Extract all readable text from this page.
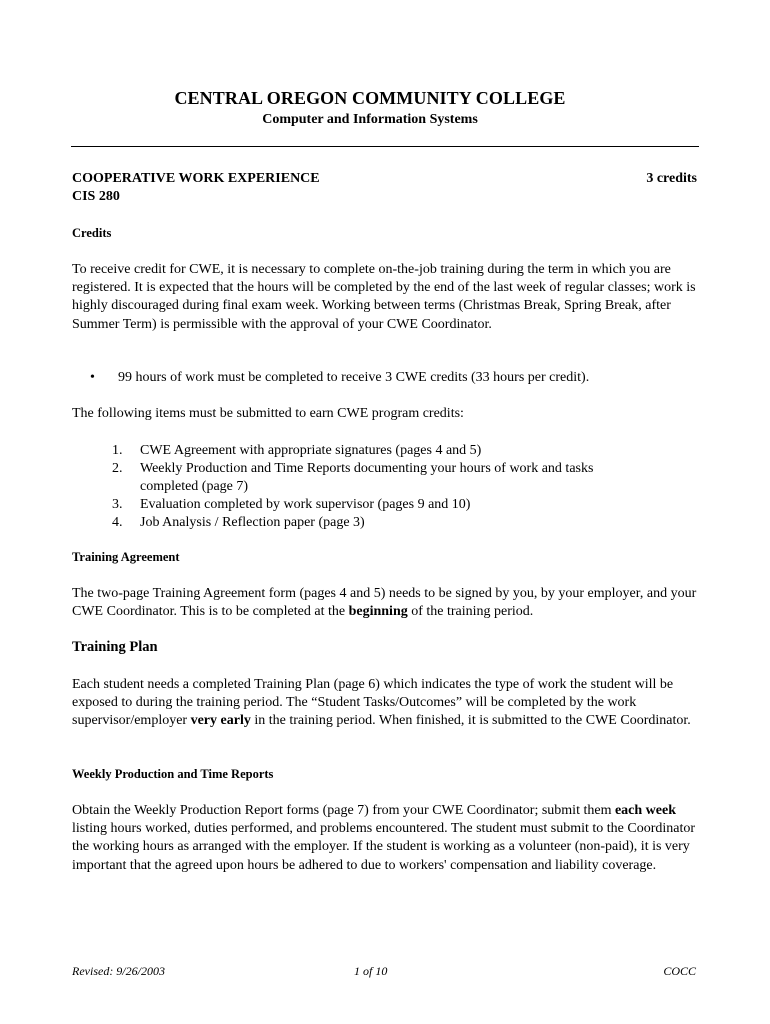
CENTRAL OREGON COMMUNITY COLLEGE
Computer and Information Systems
COOPERATIVE WORK EXPERIENCE	3 credits
CIS 280
Credits
To receive credit for CWE, it is necessary to complete on-the-job training during the term in which you are registered. It is expected that the hours will be completed by the end of the last week of regular classes; work is highly discouraged during final exam week. Working between terms (Christmas Break, Spring Break, after Summer Term) is permissible with the approval of your CWE Coordinator.
• 99 hours of work must be completed to receive 3 CWE credits (33 hours per credit).
The following items must be submitted to earn CWE program credits:
1. CWE Agreement with appropriate signatures (pages 4 and 5)
2. Weekly Production and Time Reports documenting your hours of work and tasks completed (page 7)
3. Evaluation completed by work supervisor (pages 9 and 10)
4. Job Analysis / Reflection paper (page 3)
Training Agreement
The two-page Training Agreement form (pages 4 and 5) needs to be signed by you, by your employer, and your CWE Coordinator. This is to be completed at the beginning of the training period.
Training Plan
Each student needs a completed Training Plan (page 6) which indicates the type of work the student will be exposed to during the training period. The “Student Tasks/Outcomes” will be completed by the work supervisor/employer very early in the training period. When finished, it is submitted to the CWE Coordinator.
Weekly Production and Time Reports
Obtain the Weekly Production Report forms (page 7) from your CWE Coordinator; submit them each week listing hours worked, duties performed, and problems encountered. The student must submit to the Coordinator the working hours as arranged with the employer. If the student is working as a volunteer (non-paid), it is very important that the agreed upon hours be adhered to due to workers' compensation and liability coverage.
Revised: 9/26/2003	1 of 10	COCC
